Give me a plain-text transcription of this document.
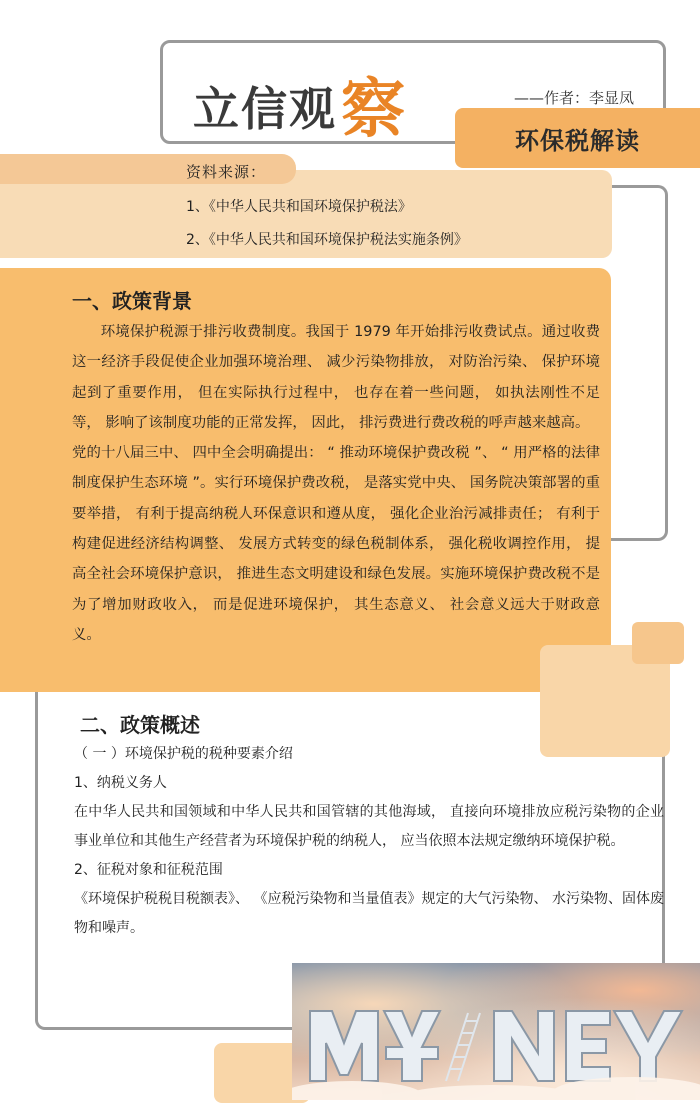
立信观察	——作者：李显凤
环保税解读
资料来源：
1、《中华人民共和国环境保护税法》
2、《中华人民共和国环境保护税法实施条例》
一、政策背景

环境保护税源于排污收费制度。我国于 1979 年开始排污收费试点。通过收费这一经济手段促使企业加强环境治理、 减少污染物排放， 对防治污染、 保护环境起到了重要作用， 但在实际执行过程中， 也存在着一些问题， 如执法刚性不足等， 影响了该制度功能的正常发挥， 因此， 排污费进行费改税的呼声越来越高。

党的十八届三中、 四中全会明确提出： “ 推动环境保护费改税 ”、 “ 用严格的法律制度保护生态环境 ”。实行环境保护费改税， 是落实党中央、 国务院决策部署的重要举措， 有利于提高纳税人环保意识和遵从度， 强化企业治污减排责任； 有利于构建促进经济结构调整、 发展方式转变的绿色税制体系， 强化税收调控作用， 提高全社会环境保护意识， 推进生态文明建设和绿色发展。实施环境保护费改税不是为了增加财政收入， 而是促进环境保护， 其生态意义、 社会意义远大于财政意义。

二、政策概述

（ 一 ）环境保护税的税种要素介绍

1、纳税义务人

在中华人民共和国领域和中华人民共和国管辖的其他海域， 直接向环境排放应税污染物的企业事业单位和其他生产经营者为环境保护税的纳税人， 应当依照本法规定缴纳环境保护税。

2、征税对象和征税范围

《环境保护税税目税额表》、 《应税污染物和当量值表》规定的大气污染物、 水污染物、固体废物和噪声。
